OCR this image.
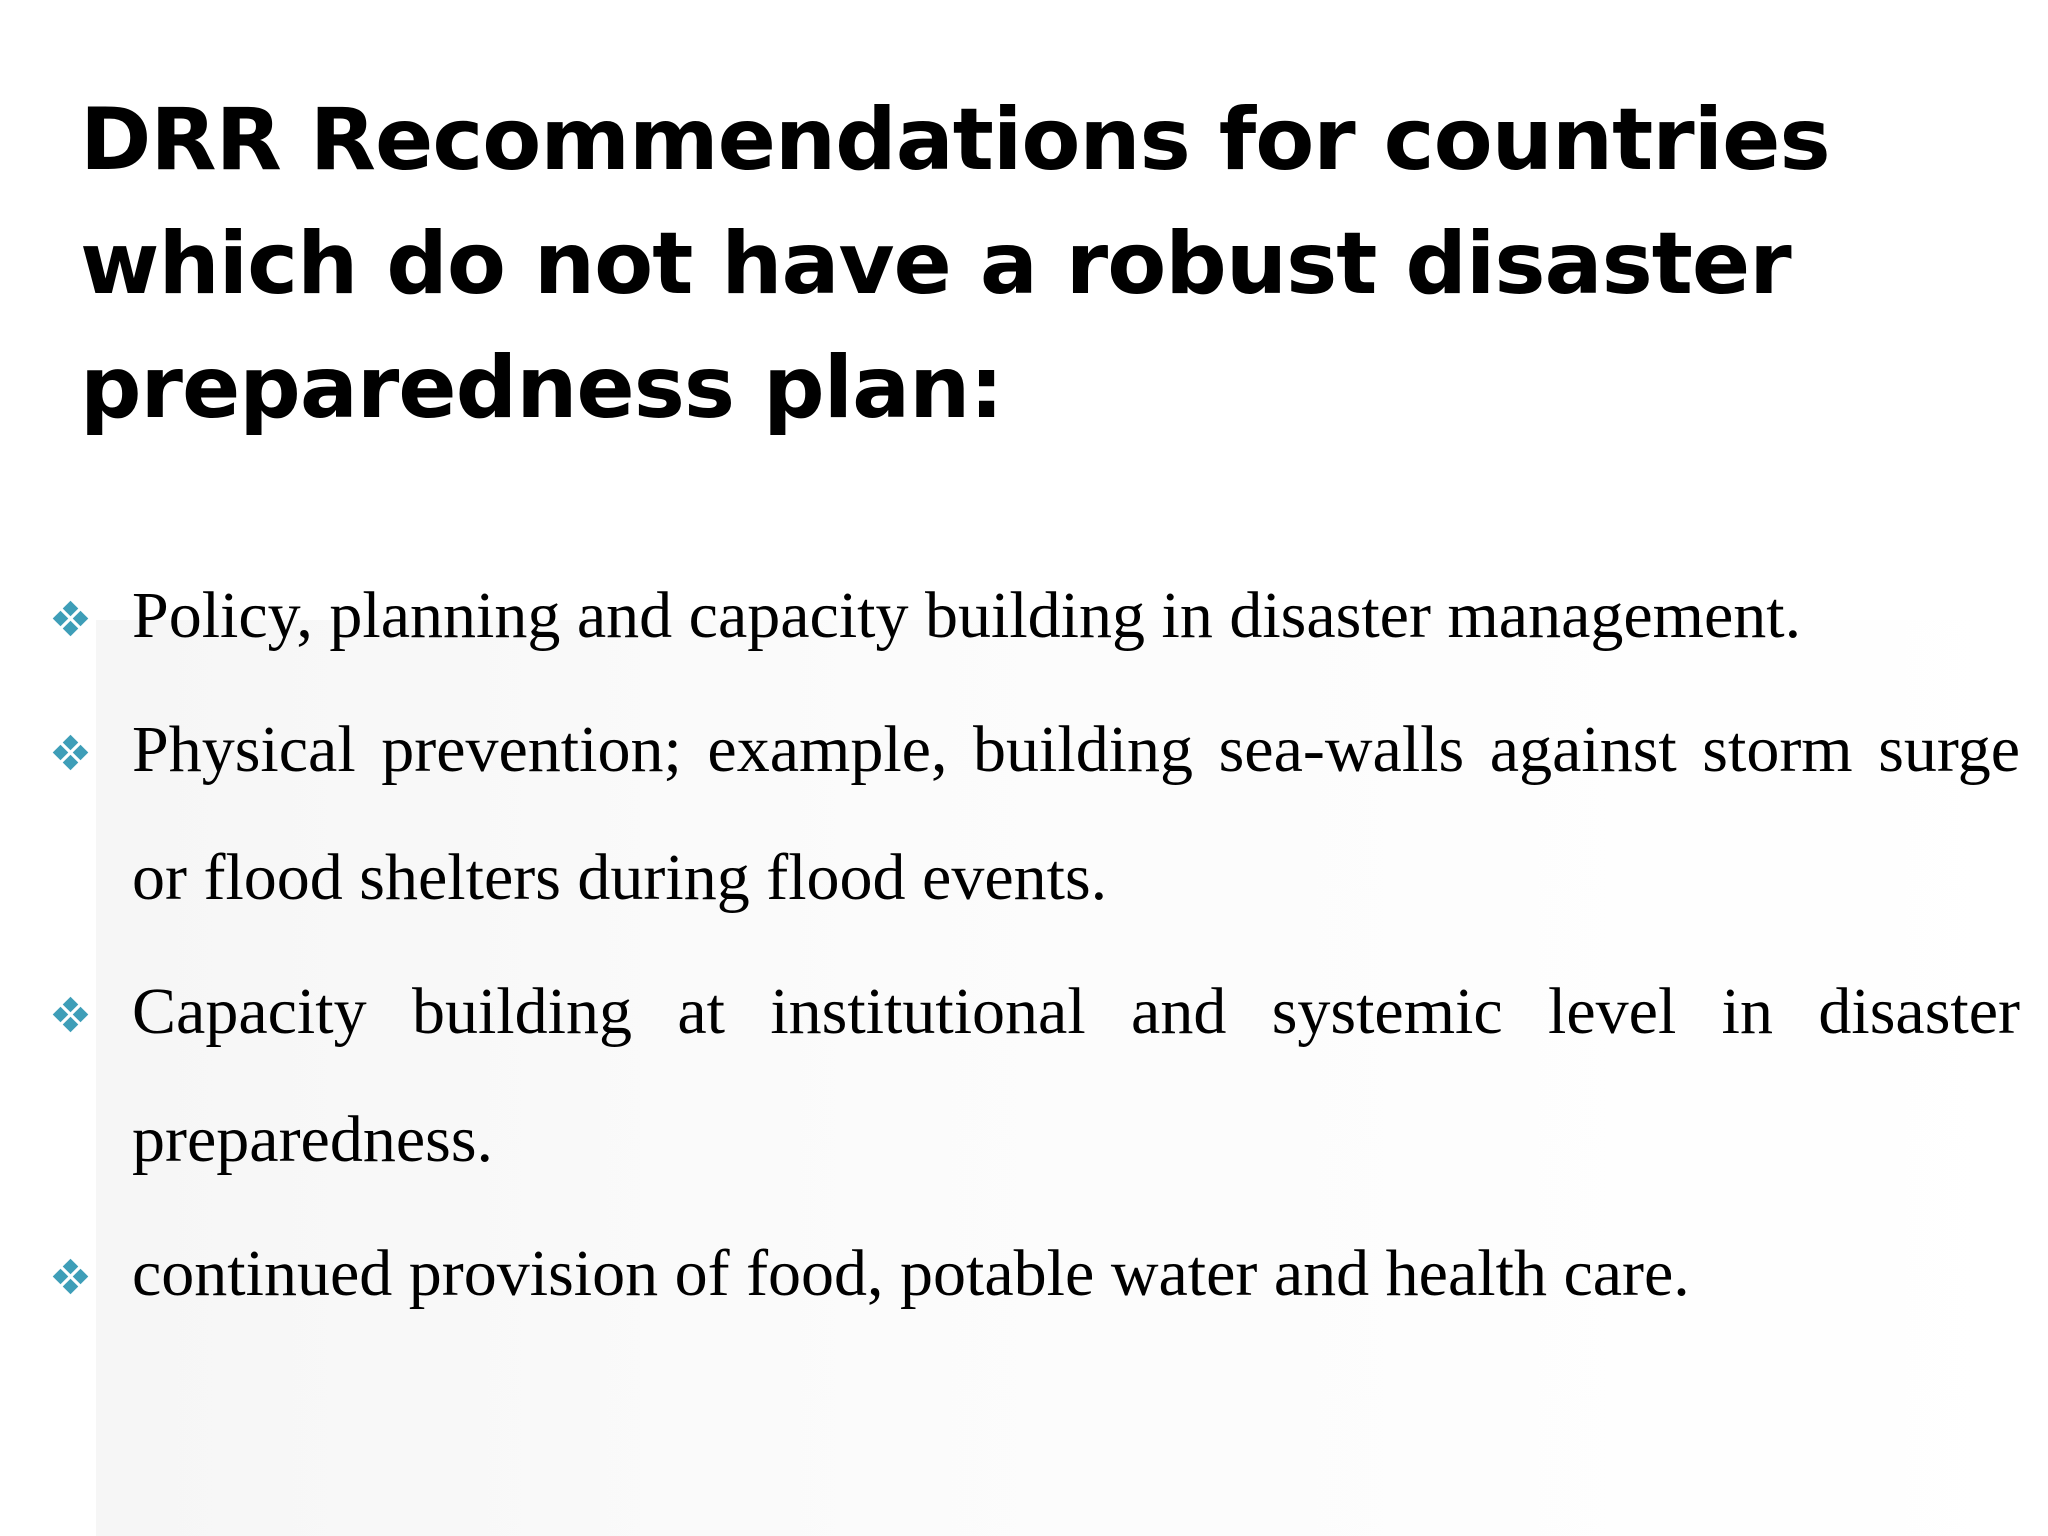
DRR Recommendations for countries which do not have a robust disaster preparedness plan:
Policy, planning and capacity building in disaster management.
Physical prevention; example, building sea-walls against storm surge or flood shelters during flood events.
Capacity building at institutional and systemic level in disaster preparedness.
continued provision of food, potable water and health care.
